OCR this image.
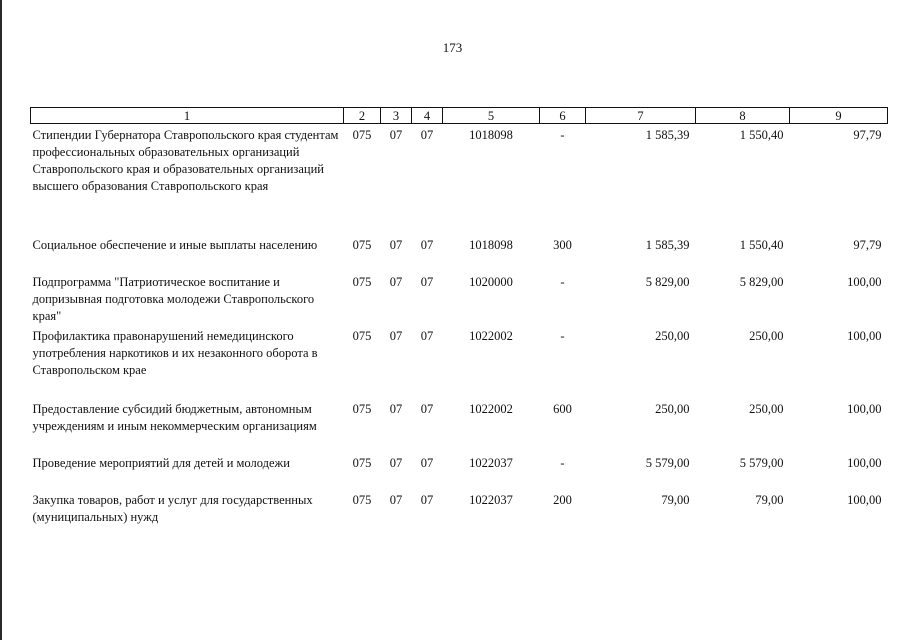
173
1	2	3	4	5	6	7	8	9
Стипендии Губернатора Ставропольского края студентам профессиональных образовательных организаций Ставропольского края и образовательных организаций высшего образования Ставропольского края	075	07	07	1018098	-	1 585,39	1 550,40	97,79
Социальное обеспечение и иные выплаты населению	075	07	07	1018098	300	1 585,39	1 550,40	97,79
Подпрограмма "Патриотическое воспитание и допризывная подготовка молодежи Ставропольского края"	075	07	07	1020000	-	5 829,00	5 829,00	100,00
Профилактика правонарушений немедицинского употребления наркотиков и их незаконного оборота в Ставропольском крае	075	07	07	1022002	-	250,00	250,00	100,00
Предоставление субсидий бюджетным, автономным учреждениям и иным некоммерческим организациям	075	07	07	1022002	600	250,00	250,00	100,00
Проведение мероприятий для детей и молодежи	075	07	07	1022037	-	5 579,00	5 579,00	100,00
Закупка товаров, работ и услуг для государственных (муниципальных) нужд	075	07	07	1022037	200	79,00	79,00	100,00
